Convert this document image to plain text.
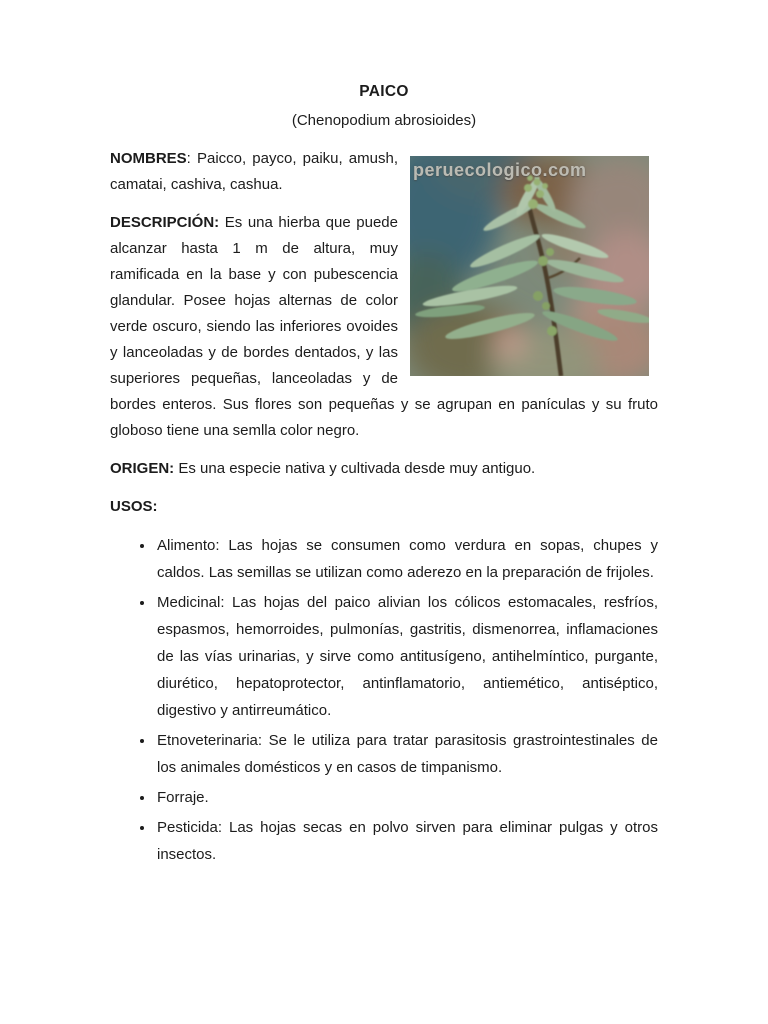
PAICO
(Chenopodium abrosioides)
peruecologico.com

NOMBRES: Paicco, payco, paiku, amush, camatai, cashiva, cashua.

DESCRIPCIÓN: Es una hierba que puede alcanzar hasta 1 m de altura, muy ramificada en la base y con pubescencia glandular. Posee hojas alternas de color verde oscuro, siendo las inferiores ovoides y lanceoladas y de bordes dentados, y las superiores pequeñas, lanceoladas y de bordes enteros. Sus flores son pequeñas y se agrupan en panículas y su fruto globoso tiene una semlla color negro.

ORIGEN: Es una especie nativa y cultivada desde muy antiguo.

USOS:

• Alimento: Las hojas se consumen como verdura en sopas, chupes y caldos. Las semillas se utilizan como aderezo en la preparación de frijoles.
• Medicinal: Las hojas del paico alivian los cólicos estomacales, resfríos, espasmos, hemorroides, pulmonías, gastritis, dismenorrea, inflamaciones de las vías urinarias, y sirve como antitusígeno, antihelmíntico, purgante, diurético, hepatoprotector, antinflamatorio, antiemético, antiséptico, digestivo y antirreumático.
• Etnoveterinaria: Se le utiliza para tratar parasitosis grastrointestinales de los animales domésticos y en casos de timpanismo.
• Forraje.
• Pesticida: Las hojas secas en polvo sirven para eliminar pulgas y otros insectos.
